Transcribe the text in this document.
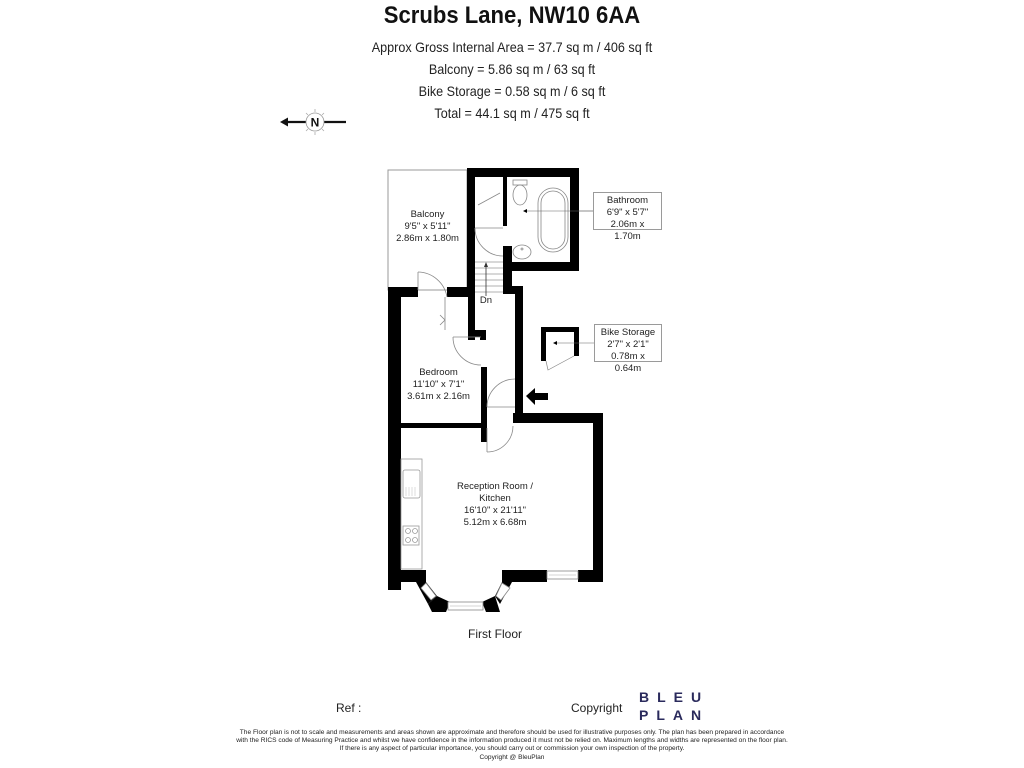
Scrubs Lane, NW10 6AA
Approx Gross Internal Area = 37.7 sq m / 406 sq ft
Balcony = 5.86 sq m / 63 sq ft
Bike Storage = 0.58 sq m / 6 sq ft
Total = 44.1 sq m / 475 sq ft
N
Balcony
9'5" x 5'11"
2.86m x 1.80m
Bathroom
6'9" x 5'7"
2.06m x 1.70m
Bike Storage
2'7" x 2'1"
0.78m x 0.64m
Bedroom
11'10" x 7'1"
3.61m x 2.16m
Reception Room /
Kitchen
16'10" x 21'11"
5.12m x 6.68m
Dn
First Floor
Ref :	Copyright
BLEU
PLAN
The Floor plan is not to scale and measurements and areas shown are approximate and therefore should be used for illustrative purposes only. The plan has been prepared in accordance
with the RICS code of Measuring Practice and whilst we have confidence in the information produced it must not be relied on. Maximum lengths and widths are represented on the floor plan.
If there is any aspect of particular importance, you should carry out or commission your own inspection of the property.
Copyright @ BleuPlan
